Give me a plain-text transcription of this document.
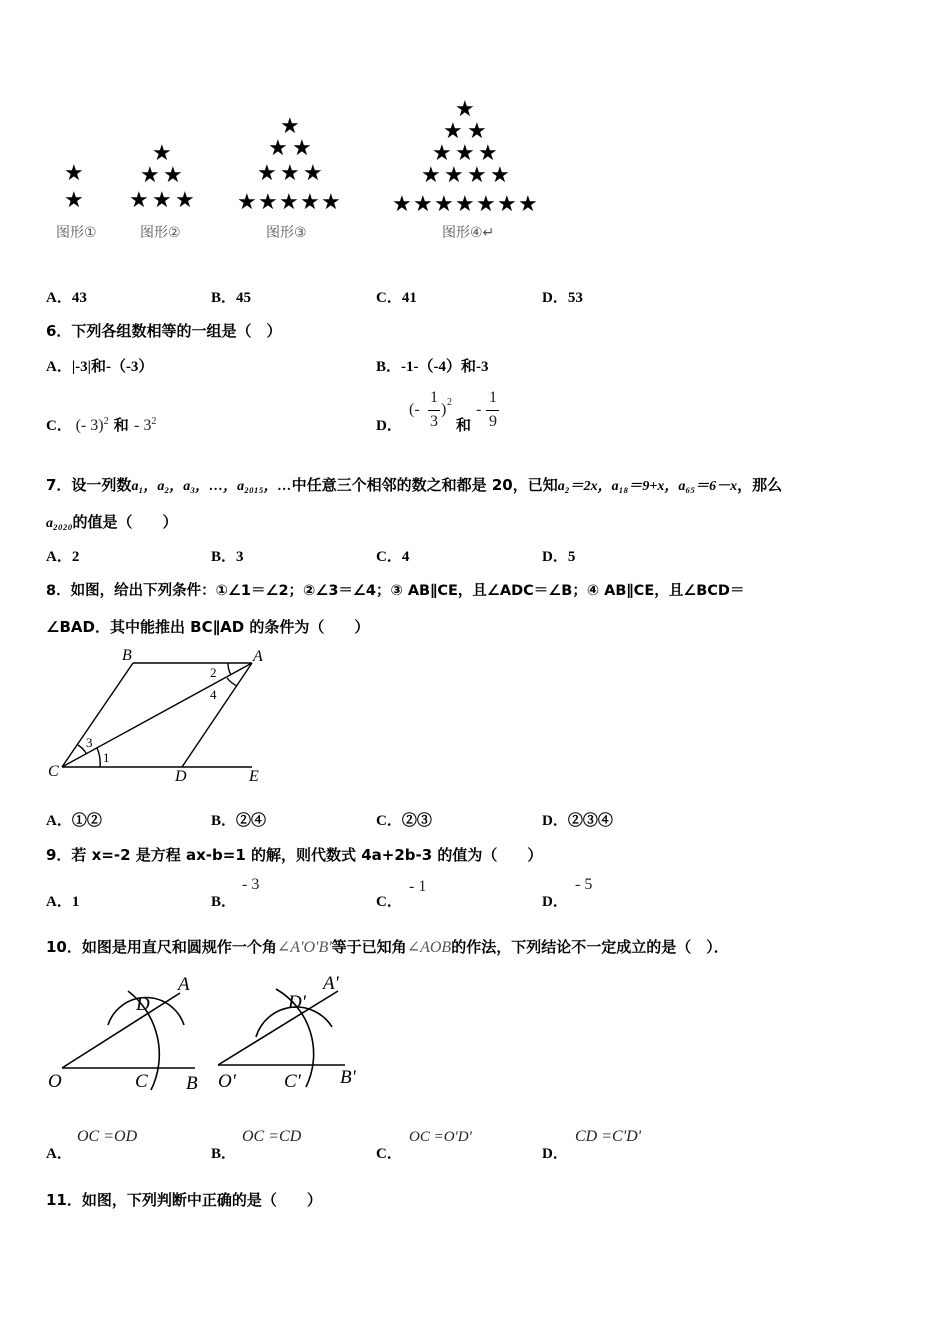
★
★
图形①
★
★ ★
★ ★ ★
图形②
★
★ ★
★ ★ ★
★ ★ ★ ★ ★
图形③
★
★ ★
★ ★ ★
★ ★ ★ ★
★ ★ ★ ★ ★ ★ ★
图形④↵
A．43	B．45	C．41	D．53
6．下列各组数相等的一组是（　）
A．|-3|和-（-3）	B．-1-（-4）和-3
C． (- 3)$^2$ 和 - $3^2$	D．
(-
1
3
) 2
和
-
1
9
7．设一列数a₁，a₂，a₃，…，a₂₀₁₅，…中任意三个相邻的数之和都是 20，已知a₂＝2x，a₁₈＝9+x，a₆₅＝6－x，那么
a₂₀₂₀的值是（　　）
A．2	B．3	C．4	D．5
8．如图，给出下列条件：①∠1＝∠2；②∠3＝∠4；③ AB∥CE，且∠ADC＝∠B；④ AB∥CE，且∠BCD＝
∠BAD．其中能推出 BC∥AD 的条件为（　　）
B	A
C	D	E
1
2
3
4
A．①②	B．②④	C．②③	D．②③④
9．若 x=-2 是方程 ax-b=1 的解，则代数式 4a+2b-3 的值为（　　）
A．1	B．
- 3
C．
- 1
D．
- 5
10．如图是用直尺和圆规作一个角∠A'O'B'等于已知角∠AOB的作法，下列结论不一定成立的是（　）．
D
A
O	C B
D'
A'
O'	C' B'
A．
OC =OD
B．
OC =CD
C．
OC =O'D'
D．
CD =C'D'
11．如图，下列判断中正确的是（　　）
